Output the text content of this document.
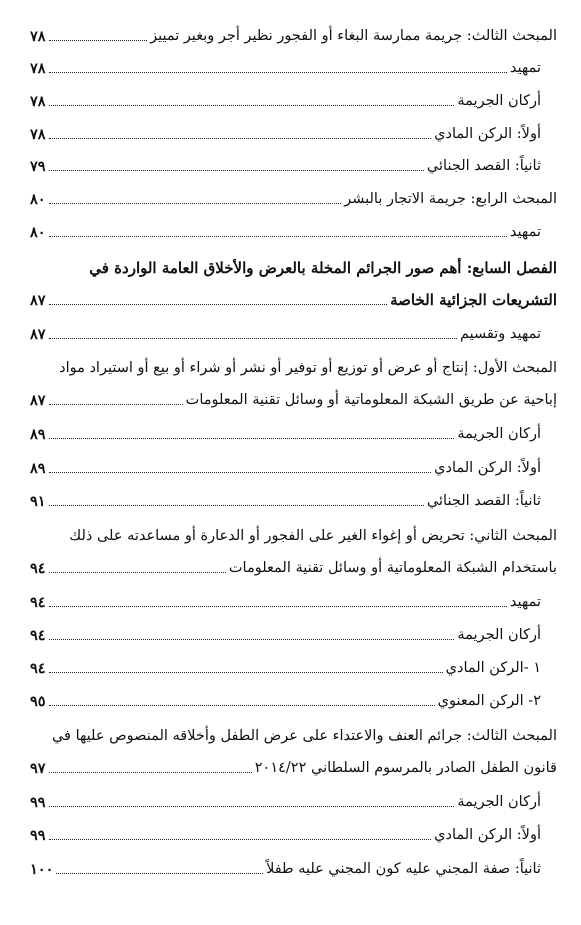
المبحث الثالث: جريمة ممارسة البغاء أو الفجور نظير أجر وبغير تمييز
٧٨
تمهيد
٧٨
أركان الجريمة
٧٨
أولاً: الركن المادي
٧٨
ثانياً: القصد الجنائي
٧٩
المبحث الرابع: جريمة الاتجار بالبشر
٨٠
تمهيد
٨٠
الفصل السابع: أهم صور الجرائم المخلة بالعرض والأخلاق العامة الواردة في
التشريعات الجزائية الخاصة
٨٧
تمهيد وتقسيم
٨٧
المبحث الأول: إنتاج أو عرض أو توزيع أو توفير أو نشر أو شراء أو بيع أو استيراد مواد
إباحية عن طريق الشبكة المعلوماتية أو وسائل تقنية المعلومات
٨٧
أركان الجريمة
٨٩
أولاً: الركن المادي
٨٩
ثانياً: القصد الجنائي
٩١
المبحث الثاني: تحريض أو إغواء الغير على الفجور أو الدعارة أو مساعدته على ذلك
باستخدام الشبكة المعلوماتية أو وسائل تقنية المعلومات
٩٤
تمهيد
٩٤
أركان الجريمة
٩٤
١ -الركن المادي
٩٤
٢- الركن المعنوي
٩٥
المبحث الثالث: جرائم العنف والاعتداء على عرض الطفل وأخلاقه المنصوص عليها في
قانون الطفل الصادر بالمرسوم السلطاني ٢٠١٤/٢٢
٩٧
أركان الجريمة
٩٩
أولاً: الركن المادي
٩٩
ثانياً: صفة المجني عليه كون المجني عليه طفلاً
١٠٠
